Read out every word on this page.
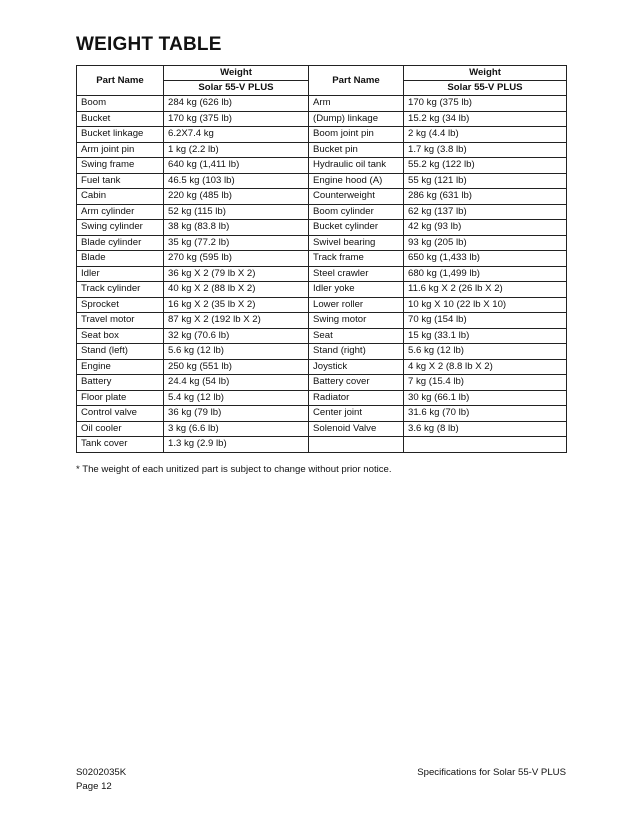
WEIGHT TABLE
Part Name	Weight	Part Name	Weight
	Solar 55-V PLUS		Solar 55-V PLUS
Boom	284 kg (626 lb)	Arm	170 kg (375 lb)
Bucket	170 kg (375 lb)	(Dump) linkage	15.2 kg (34 lb)
Bucket linkage	6.2X7.4 kg	Boom joint pin	2 kg (4.4 lb)
Arm joint pin	1 kg (2.2 lb)	Bucket pin	1.7 kg (3.8 lb)
Swing frame	640 kg (1,411 lb)	Hydraulic oil tank	55.2 kg (122 lb)
Fuel tank	46.5 kg (103 lb)	Engine hood (A)	55 kg (121 lb)
Cabin	220 kg (485 lb)	Counterweight	286 kg (631 lb)
Arm cylinder	52 kg (115 lb)	Boom cylinder	62 kg (137 lb)
Swing cylinder	38 kg (83.8 lb)	Bucket cylinder	42 kg (93 lb)
Blade cylinder	35 kg (77.2 lb)	Swivel bearing	93 kg (205 lb)
Blade	270 kg (595 lb)	Track frame	650 kg (1,433 lb)
Idler	36 kg X 2 (79 lb X 2)	Steel crawler	680 kg (1,499 lb)
Track cylinder	40 kg X 2 (88 lb X 2)	Idler yoke	11.6 kg X 2 (26 lb X 2)
Sprocket	16 kg X 2 (35 lb X 2)	Lower roller	10 kg X 10 (22 lb X 10)
Travel motor	87 kg X 2 (192 lb X 2)	Swing motor	70 kg (154 lb)
Seat box	32 kg (70.6 lb)	Seat	15 kg (33.1 lb)
Stand (left)	5.6 kg (12 lb)	Stand (right)	5.6 kg (12 lb)
Engine	250 kg (551 lb)	Joystick	4 kg X 2 (8.8 lb X 2)
Battery	24.4 kg (54 lb)	Battery cover	7 kg (15.4 lb)
Floor plate	5.4 kg (12 lb)	Radiator	30 kg (66.1 lb)
Control valve	36 kg (79 lb)	Center joint	31.6 kg (70 lb)
Oil cooler	3 kg (6.6 lb)	Solenoid Valve	3.6 kg (8 lb)
Tank cover	1.3 kg (2.9 lb)		

* The weight of each unitized part is subject to change without prior notice.

S0202035K
Page 12
Specifications for Solar 55-V PLUS
